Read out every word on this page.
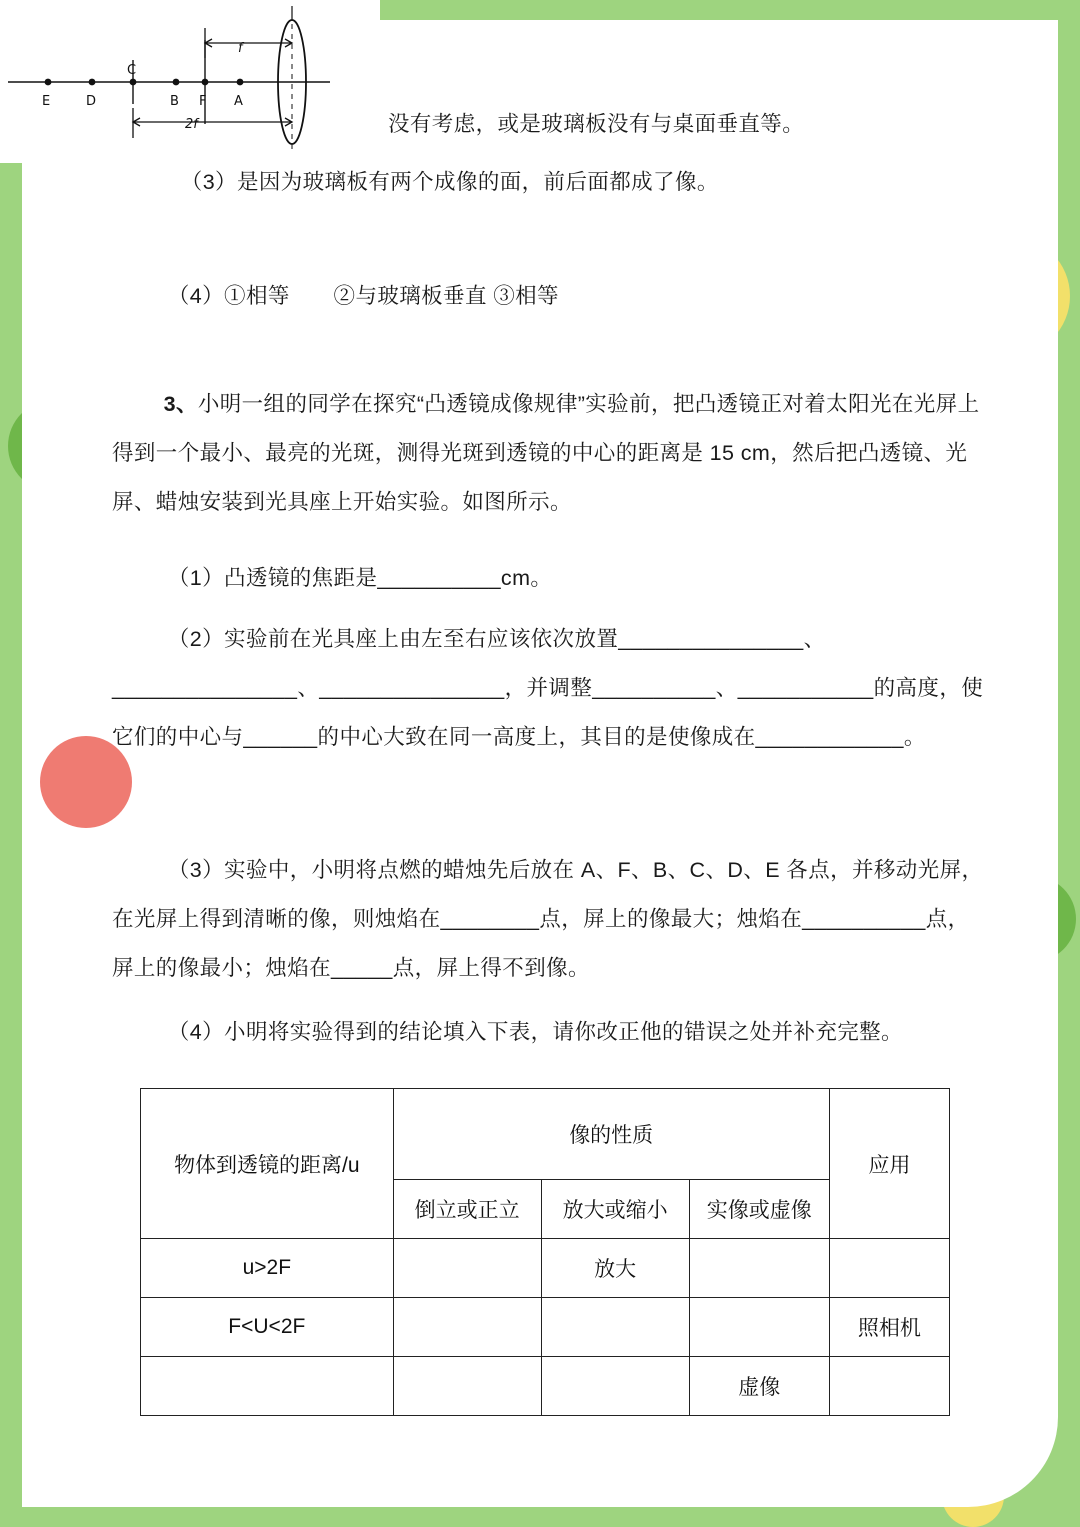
E	D
C
B F A
f
2f	没有考虑，或是玻璃板没有与桌面垂直等。
（3）是因为玻璃板有两个成像的面，前后面都成了像。
（4）①相等　　②与玻璃板垂直 ③相等
3、小明一组的同学在探究“凸透镜成像规律”实验前，把凸透镜正对着太阳光在光屏上得到一个最小、最亮的光斑，测得光斑到透镜的中心的距离是 15 cm，然后把凸透镜、光屏、蜡烛安装到光具座上开始实验。如图所示。
（1）凸透镜的焦距是__________cm。
（2）实验前在光具座上由左至右应该依次放置_______________、_______________、_______________，并调整__________、___________的高度，使它们的中心与______的中心大致在同一高度上，其目的是使像成在____________。
（3）实验中，小明将点燃的蜡烛先后放在 A、F、B、C、D、E 各点，并移动光屏，在光屏上得到清晰的像，则烛焰在________点，屏上的像最大；烛焰在__________点，屏上的像最小；烛焰在_____点，屏上得不到像。
（4）小明将实验得到的结论填入下表，请你改正他的错误之处并补充完整。
物体到透镜的距离/u	像的性质			应用
	倒立或正立	放大或缩小	实像或虚像	
u>2F		放大		
F<U<2F				照相机
			虚像	
